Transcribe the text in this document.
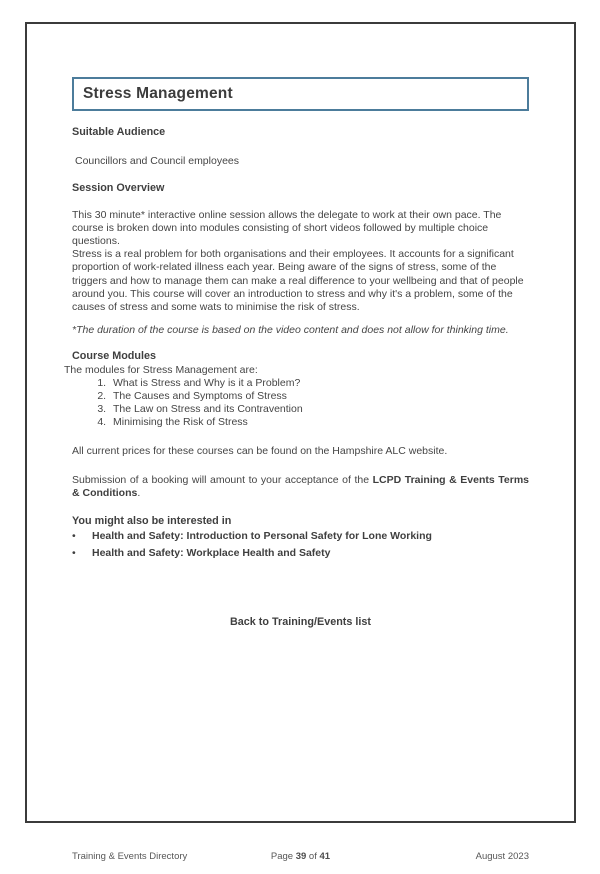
Stress Management
Suitable Audience

Councillors and Council employees

Session Overview

This 30 minute* interactive online session allows the delegate to work at their own pace. The course is broken down into modules consisting of short videos followed by multiple choice questions.

Stress is a real problem for both organisations and their employees. It accounts for a significant proportion of work-related illness each year. Being aware of the signs of stress, some of the triggers and how to manage them can make a real difference to your wellbeing and that of people around you. This course will cover an introduction to stress and why it's a problem, some of the causes of stress and some wats to minimise the risk of stress.

*The duration of the course is based on the video content and does not allow for thinking time.

Course Modules

The modules for Stress Management are:

1. What is Stress and Why is it a Problem?
2. The Causes and Symptoms of Stress
3. The Law on Stress and its Contravention
4. Minimising the Risk of Stress

All current prices for these courses can be found on the Hampshire ALC website.

Submission of a booking will amount to your acceptance of the LCPD Training & Events Terms & Conditions.

You might also be interested in
•	Health and Safety: Introduction to Personal Safety for Lone Working
•	Health and Safety: Workplace Health and Safety
Back to Training/Events list
Training & Events Directory	Page 39 of 41	August 2023
